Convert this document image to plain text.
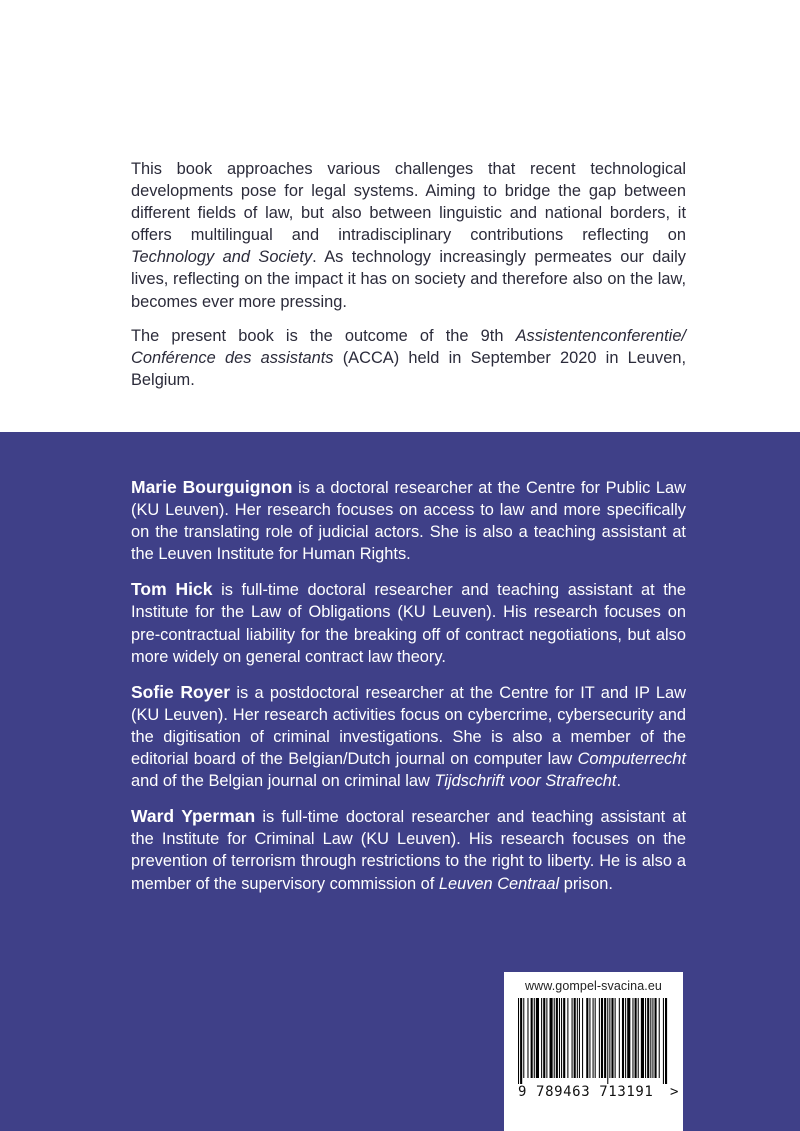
This book approaches various challenges that recent technological developments pose for legal systems. Aiming to bridge the gap between different fields of law, but also between linguistic and national borders, it offers multilingual and intradisciplinary contributions reflecting on Technology and Society. As technology increasingly permeates our daily lives, reflecting on the impact it has on society and therefore also on the law, becomes ever more pressing.

The present book is the outcome of the 9th Assistentenconferentie/ Conférence des assistants (ACCA) held in September 2020 in Leuven, Belgium.

Marie Bourguignon is a doctoral researcher at the Centre for Public Law (KU Leuven). Her research focuses on access to law and more specifically on the translating role of judicial actors. She is also a teaching assistant at the Leuven Institute for Human Rights.

Tom Hick is full-time doctoral researcher and teaching assistant at the Institute for the Law of Obligations (KU Leuven). His research focuses on pre-contractual liability for the breaking off of contract negotiations, but also more widely on general contract law theory.

Sofie Royer is a postdoctoral researcher at the Centre for IT and IP Law (KU Leuven). Her research activities focus on cybercrime, cybersecurity and the digitisation of criminal investigations. She is also a member of the editorial board of the Belgian/Dutch journal on computer law Computerrecht and of the Belgian journal on criminal law Tijdschrift voor Strafrecht.

Ward Yperman is full-time doctoral researcher and teaching assistant at the Institute for Criminal Law (KU Leuven). His research focuses on the prevention of terrorism through restrictions to the right to liberty. He is also a member of the supervisory commission of Leuven Centraal prison.

www.gompel-svacina.eu
9 789463 713191 >
